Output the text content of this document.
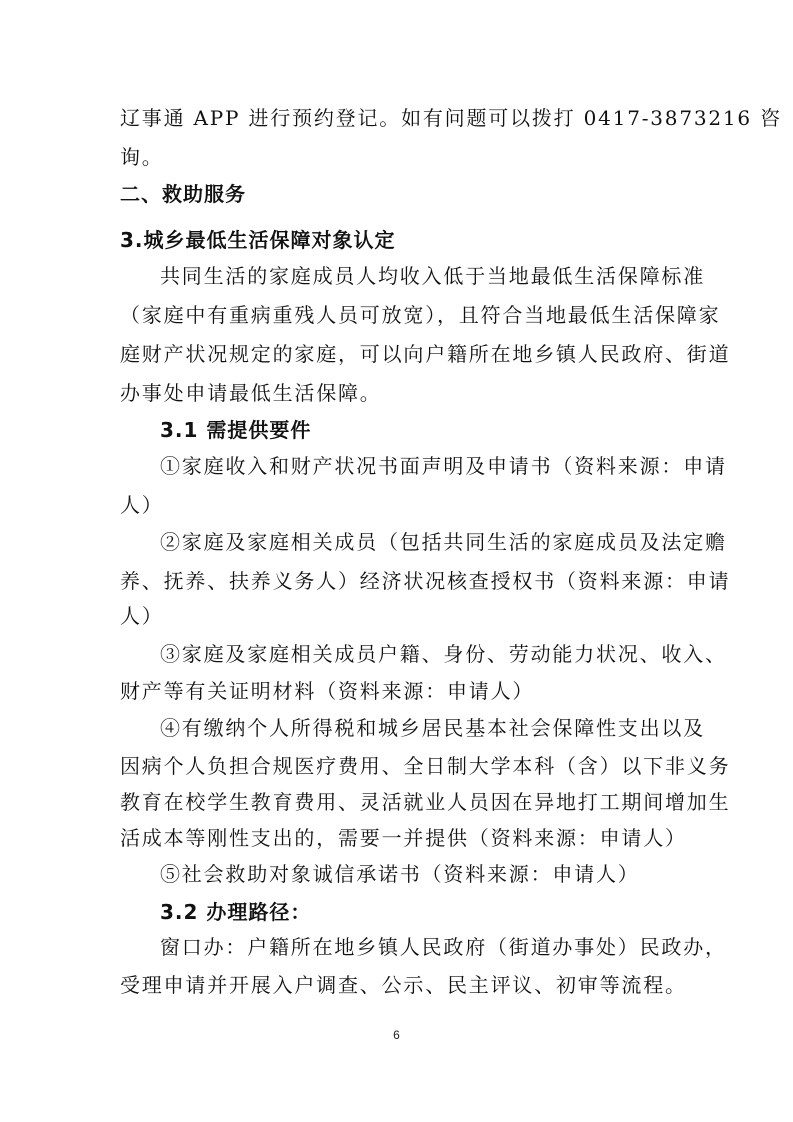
辽事通 APP 进行预约登记。如有问题可以拨打 0417-3873216 咨
询。
二、救助服务
3.城乡最低生活保障对象认定
共同生活的家庭成员人均收入低于当地最低生活保障标准
（家庭中有重病重残人员可放宽），且符合当地最低生活保障家
庭财产状况规定的家庭，可以向户籍所在地乡镇人民政府、街道
办事处申请最低生活保障。
3.1 需提供要件
①家庭收入和财产状况书面声明及申请书（资料来源：申请
人）
②家庭及家庭相关成员（包括共同生活的家庭成员及法定赡
养、抚养、扶养义务人）经济状况核查授权书（资料来源：申请
人）
③家庭及家庭相关成员户籍、身份、劳动能力状况、收入、
财产等有关证明材料（资料来源：申请人）
④有缴纳个人所得税和城乡居民基本社会保障性支出以及
因病个人负担合规医疗费用、全日制大学本科（含）以下非义务
教育在校学生教育费用、灵活就业人员因在异地打工期间增加生
活成本等刚性支出的，需要一并提供（资料来源：申请人）
⑤社会救助对象诚信承诺书（资料来源：申请人）
3.2 办理路径：
窗口办：户籍所在地乡镇人民政府（街道办事处）民政办，
受理申请并开展入户调查、公示、民主评议、初审等流程。
6
